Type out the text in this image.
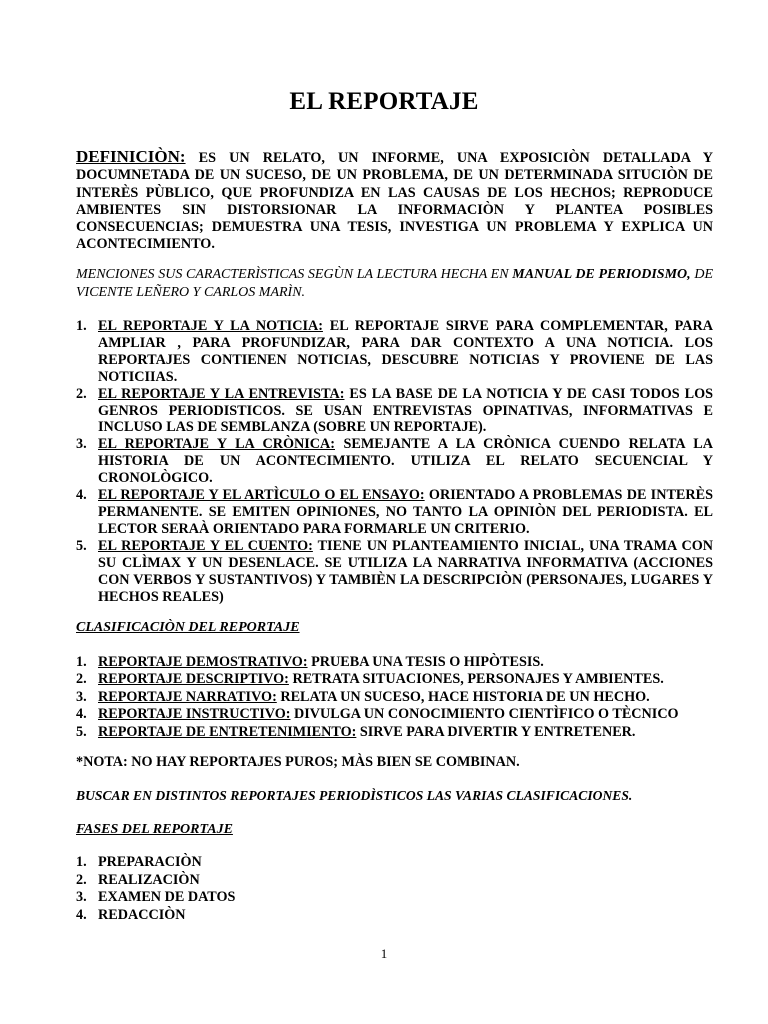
EL REPORTAJE
DEFINICIÒN: ES UN RELATO, UN INFORME, UNA EXPOSICIÒN DETALLADA Y DOCUMNETADA DE UN SUCESO, DE UN PROBLEMA, DE UN DETERMINADA SITUCIÒN DE INTERÈS PÙBLICO, QUE PROFUNDIZA EN LAS CAUSAS DE LOS HECHOS; REPRODUCE AMBIENTES SIN DISTORSIONAR LA INFORMACIÒN Y PLANTEA POSIBLES CONSECUENCIAS; DEMUESTRA UNA TESIS, INVESTIGA UN PROBLEMA Y EXPLICA UN ACONTECIMIENTO.
MENCIONES SUS CARACTERÌSTICAS SEGÙN LA LECTURA HECHA EN MANUAL DE PERIODISMO, DE VICENTE LEÑERO Y CARLOS MARÌN.
1. EL REPORTAJE Y LA NOTICIA: EL REPORTAJE SIRVE PARA COMPLEMENTAR, PARA AMPLIAR , PARA PROFUNDIZAR, PARA DAR CONTEXTO A UNA NOTICIA. LOS REPORTAJES CONTIENEN NOTICIAS, DESCUBRE NOTICIAS Y PROVIENE DE LAS NOTICIIAS.
2. EL REPORTAJE Y LA ENTREVISTA: ES LA BASE DE LA NOTICIA Y DE CASI TODOS LOS GENROS PERIODISTICOS. SE USAN ENTREVISTAS OPINATIVAS, INFORMATIVAS E INCLUSO LAS DE SEMBLANZA (SOBRE UN REPORTAJE).
3. EL REPORTAJE Y LA CRÒNICA: SEMEJANTE A LA CRÒNICA CUENDO RELATA LA HISTORIA DE UN ACONTECIMIENTO. UTILIZA EL RELATO SECUENCIAL Y CRONOLÒGICO.
4. EL REPORTAJE Y EL ARTÌCULO O EL ENSAYO: ORIENTADO A PROBLEMAS DE INTERÈS PERMANENTE. SE EMITEN OPINIONES, NO TANTO LA OPINIÒN DEL PERIODISTA. EL LECTOR SERAÀ ORIENTADO PARA FORMARLE UN CRITERIO.
5. EL REPORTAJE Y EL CUENTO: TIENE UN PLANTEAMIENTO INICIAL, UNA TRAMA CON SU CLÌMAX Y UN DESENLACE. SE UTILIZA LA NARRATIVA INFORMATIVA (ACCIONES CON VERBOS Y SUSTANTIVOS) Y TAMBIÈN LA DESCRIPCIÒN (PERSONAJES, LUGARES Y HECHOS REALES)
CLASIFICACIÒN DEL REPORTAJE
1. REPORTAJE DEMOSTRATIVO: PRUEBA UNA TESIS O HIPÒTESIS.
2. REPORTAJE DESCRIPTIVO: RETRATA SITUACIONES, PERSONAJES Y AMBIENTES.
3. REPORTAJE NARRATIVO: RELATA UN SUCESO, HACE HISTORIA DE UN HECHO.
4. REPORTAJE INSTRUCTIVO: DIVULGA UN CONOCIMIENTO CIENTÌFICO O TÈCNICO
5. REPORTAJE DE ENTRETENIMIENTO: SIRVE PARA DIVERTIR Y ENTRETENER.
*NOTA: NO HAY REPORTAJES PUROS; MÀS BIEN SE COMBINAN.
BUSCAR EN DISTINTOS REPORTAJES PERIODÌSTICOS LAS VARIAS CLASIFICACIONES.
FASES DEL REPORTAJE
1. PREPARACIÒN
2. REALIZACIÒN
3. EXAMEN DE DATOS
4. REDACCIÒN
1
